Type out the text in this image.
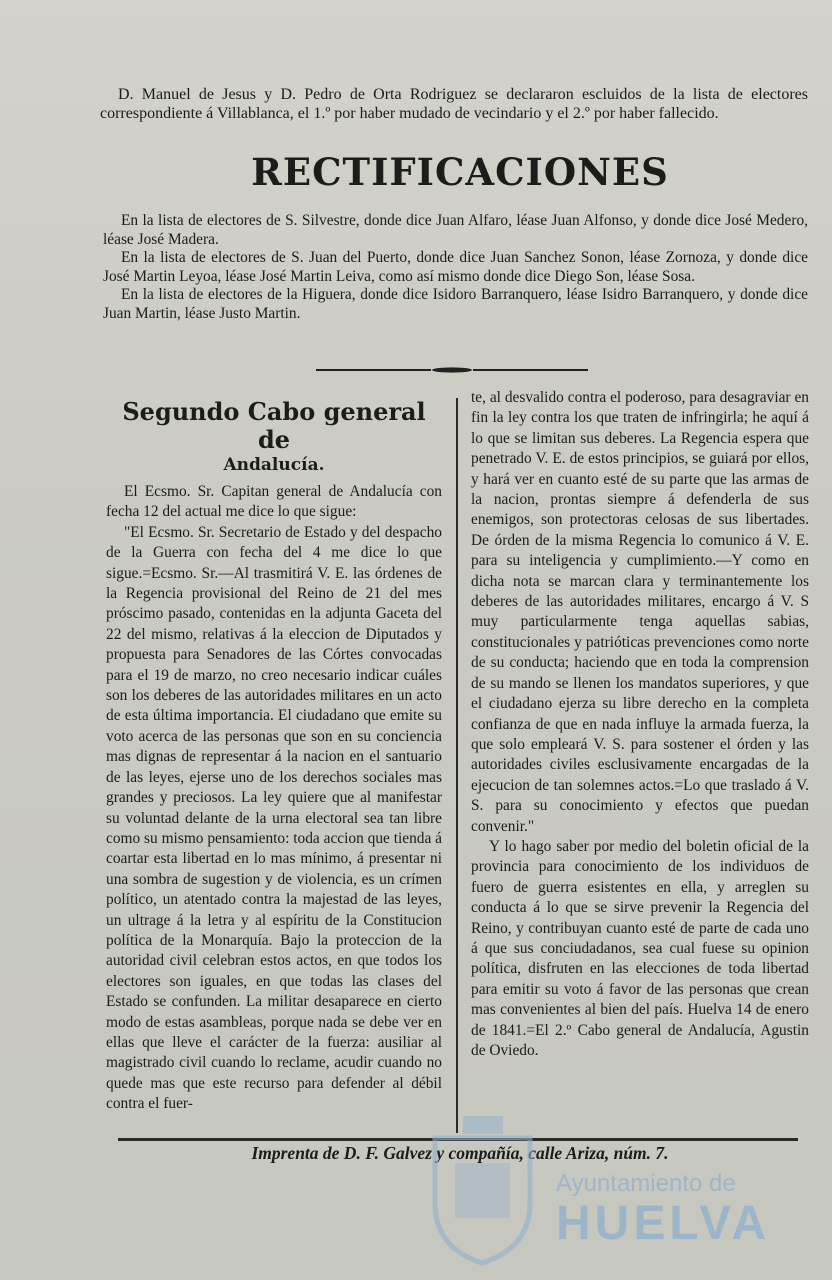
D. Manuel de Jesus y D. Pedro de Orta Rodriguez se declararon escluidos de la lista de electores correspondiente á Villablanca, el 1.º por haber mudado de vecindario y el 2.º por haber fallecido.

RECTIFICACIONES

En la lista de electores de S. Silvestre, donde dice Juan Alfaro, léase Juan Alfonso, y donde dice José Medero, léase José Madera.

En la lista de electores de S. Juan del Puerto, donde dice Juan Sanchez Sonon, léase Zornoza, y donde dice José Martin Leyoa, léase José Martin Leiva, como así mismo donde dice Diego Son, léase Sosa.

En la lista de electores de la Higuera, donde dice Isidoro Barranquero, léase Isidro Barranquero, y donde dice Juan Martin, léase Justo Martin.

Segundo Cabo general de
Andalucía.

El Ecsmo. Sr. Capitan general de Andalucía con fecha 12 del actual me dice lo que sigue:

"El Ecsmo. Sr. Secretario de Estado y del despacho de la Guerra con fecha del 4 me dice lo que sigue.=Ecsmo. Sr.—Al trasmitirá V. E. las órdenes de la Regencia provisional del Reino de 21 del mes próscimo pasado, contenidas en la adjunta Gaceta del 22 del mismo, relativas á la eleccion de Diputados y propuesta para Senadores de las Córtes convocadas para el 19 de marzo, no creo necesario indicar cuáles son los deberes de las autoridades militares en un acto de esta última importancia. El ciudadano que emite su voto acerca de las personas que son en su conciencia mas dignas de representar á la nacion en el santuario de las leyes, ejerse uno de los derechos sociales mas grandes y preciosos. La ley quiere que al manifestar su voluntad delante de la urna electoral sea tan libre como su mismo pensamiento: toda accion que tienda á coartar esta libertad en lo mas mínimo, á presentar ni una sombra de sugestion y de violencia, es un crímen político, un atentado contra la majestad de las leyes, un ultrage á la letra y al espíritu de la Constitucion política de la Monarquía. Bajo la proteccion de la autoridad civil celebran estos actos, en que todos los electores son iguales, en que todas las clases del Estado se confunden. La militar desaparece en cierto modo de estas asambleas, porque nada se debe ver en ellas que lleve el carácter de la fuerza: ausiliar al magistrado civil cuando lo reclame, acudir cuando no quede mas que este recurso para defender al débil contra el fuer-

te, al desvalido contra el poderoso, para desagraviar en fin la ley contra los que traten de infringirla; he aquí á lo que se limitan sus deberes. La Regencia espera que penetrado V. E. de estos principios, se guiará por ellos, y hará ver en cuanto esté de su parte que las armas de la nacion, prontas siempre á defenderla de sus enemigos, son protectoras celosas de sus libertades. De órden de la misma Regencia lo comunico á V. E. para su inteligencia y cumplimiento.—Y como en dicha nota se marcan clara y terminantemente los deberes de las autoridades militares, encargo á V. S muy particularmente tenga aquellas sabias, constitucionales y patrióticas prevenciones como norte de su conducta; haciendo que en toda la comprension de su mando se llenen los mandatos superiores, y que el ciudadano ejerza su libre derecho en la completa confianza de que en nada influye la armada fuerza, la que solo empleará V. S. para sostener el órden y las autoridades civiles esclusivamente encargadas de la ejecucion de tan solemnes actos.=Lo que traslado á V. S. para su conocimiento y efectos que puedan convenir."

Y lo hago saber por medio del boletin oficial de la provincia para conocimiento de los individuos de fuero de guerra esistentes en ella, y arreglen su conducta á lo que se sirve prevenir la Regencia del Reino, y contribuyan cuanto esté de parte de cada uno á que sus conciudadanos, sea cual fuese su opinion política, disfruten en las elecciones de toda libertad para emitir su voto á favor de las personas que crean mas convenientes al bien del país. Huelva 14 de enero de 1841.=El 2.º Cabo general de Andalucía, Agustin de Oviedo.

Imprenta de D. F. Galvez y compañía, calle Ariza, núm. 7.
Ayuntamiento de
HUELVA
